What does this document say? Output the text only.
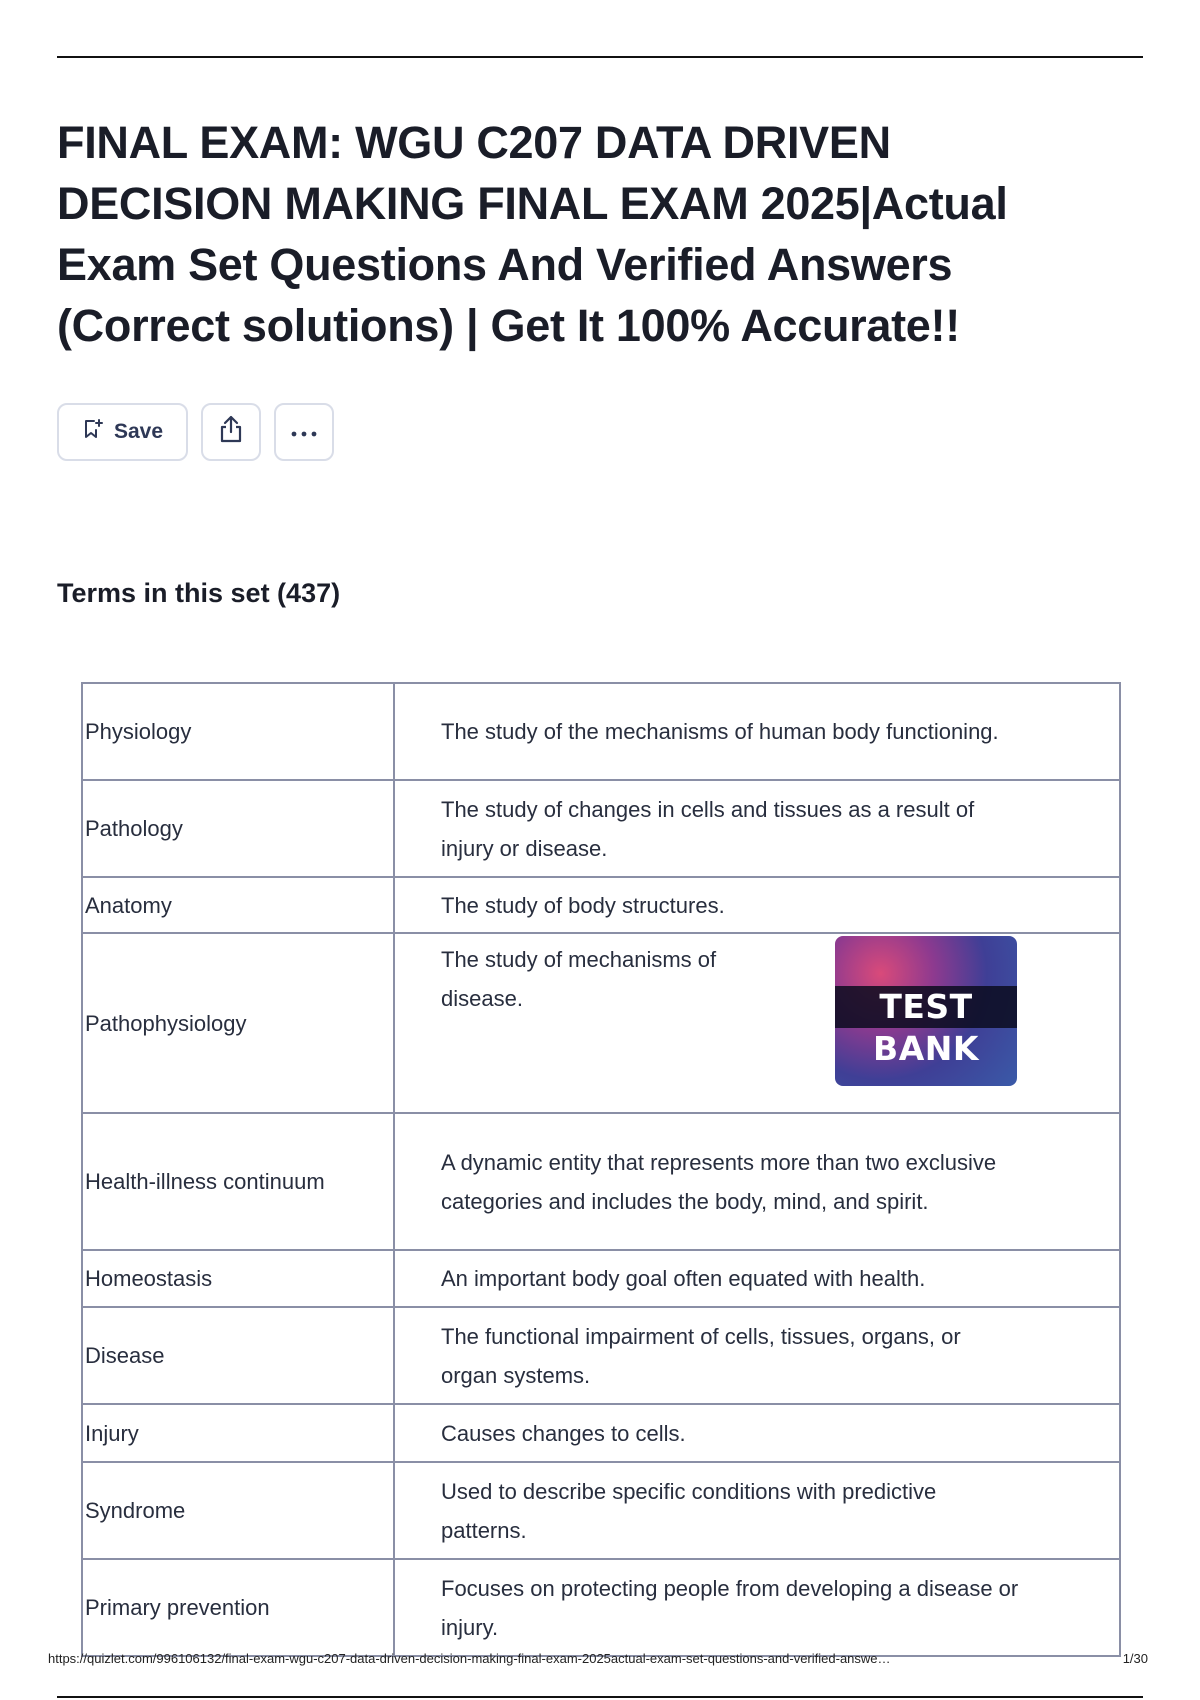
FINAL EXAM: WGU C207 DATA DRIVEN DECISION MAKING FINAL EXAM 2025|Actual Exam Set Questions And Verified Answers (Correct solutions) | Get It 100% Accurate!!
Save
Terms in this set (437)
Physiology	The study of the mechanisms of human body functioning.
Pathology	The study of changes in cells and tissues as a result of injury or disease.
Anatomy	The study of body structures.
Pathophysiology	The study of mechanisms of disease.
Health-illness continuum	A dynamic entity that represents more than two exclusive categories and includes the body, mind, and spirit.
Homeostasis	An important body goal often equated with health.
Disease	The functional impairment of cells, tissues, organs, or organ systems.
Injury	Causes changes to cells.
Syndrome	Used to describe specific conditions with predictive patterns.
Primary prevention	Focuses on protecting people from developing a disease or injury.
TEST BANK
https://quizlet.com/996106132/final-exam-wgu-c207-data-driven-decision-making-final-exam-2025actual-exam-set-questions-and-verified-answe…	1/30
